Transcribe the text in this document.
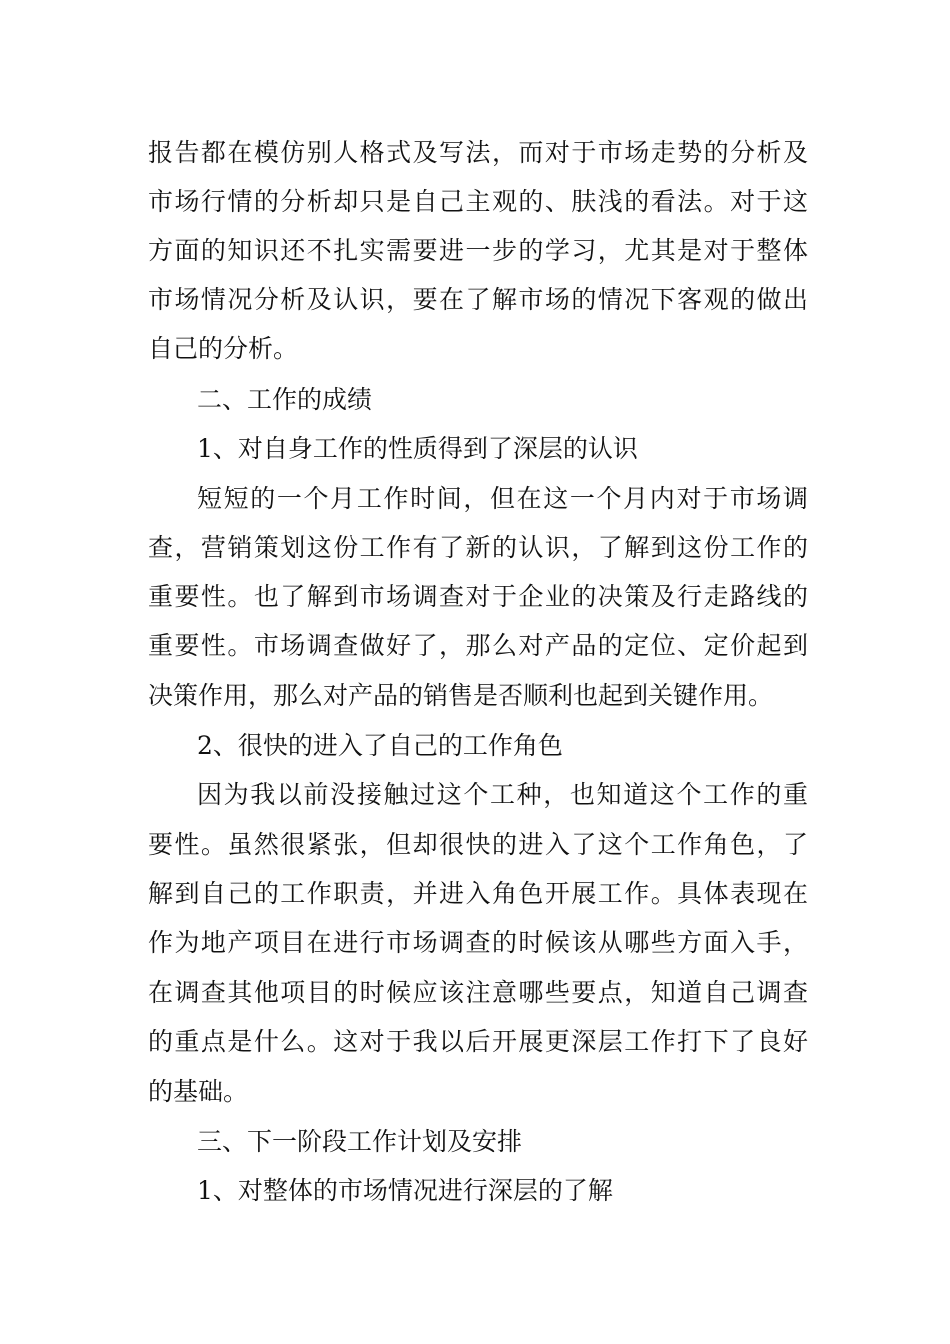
报告都在模仿别人格式及写法，而对于市场走势的分析及
市场行情的分析却只是自己主观的、肤浅的看法。对于这
方面的知识还不扎实需要进一步的学习，尤其是对于整体
市场情况分析及认识，要在了解市场的情况下客观的做出
自己的分析。
二、工作的成绩
1、对自身工作的性质得到了深层的认识
短短的一个月工作时间，但在这一个月内对于市场调
查，营销策划这份工作有了新的认识，了解到这份工作的
重要性。也了解到市场调查对于企业的决策及行走路线的
重要性。市场调查做好了，那么对产品的定位、定价起到
决策作用，那么对产品的销售是否顺利也起到关键作用。
2、很快的进入了自己的工作角色
因为我以前没接触过这个工种，也知道这个工作的重
要性。虽然很紧张，但却很快的进入了这个工作角色，了
解到自己的工作职责，并进入角色开展工作。具体表现在
作为地产项目在进行市场调查的时候该从哪些方面入手，
在调查其他项目的时候应该注意哪些要点，知道自己调查
的重点是什么。这对于我以后开展更深层工作打下了良好
的基础。
三、下一阶段工作计划及安排
1、对整体的市场情况进行深层的了解
